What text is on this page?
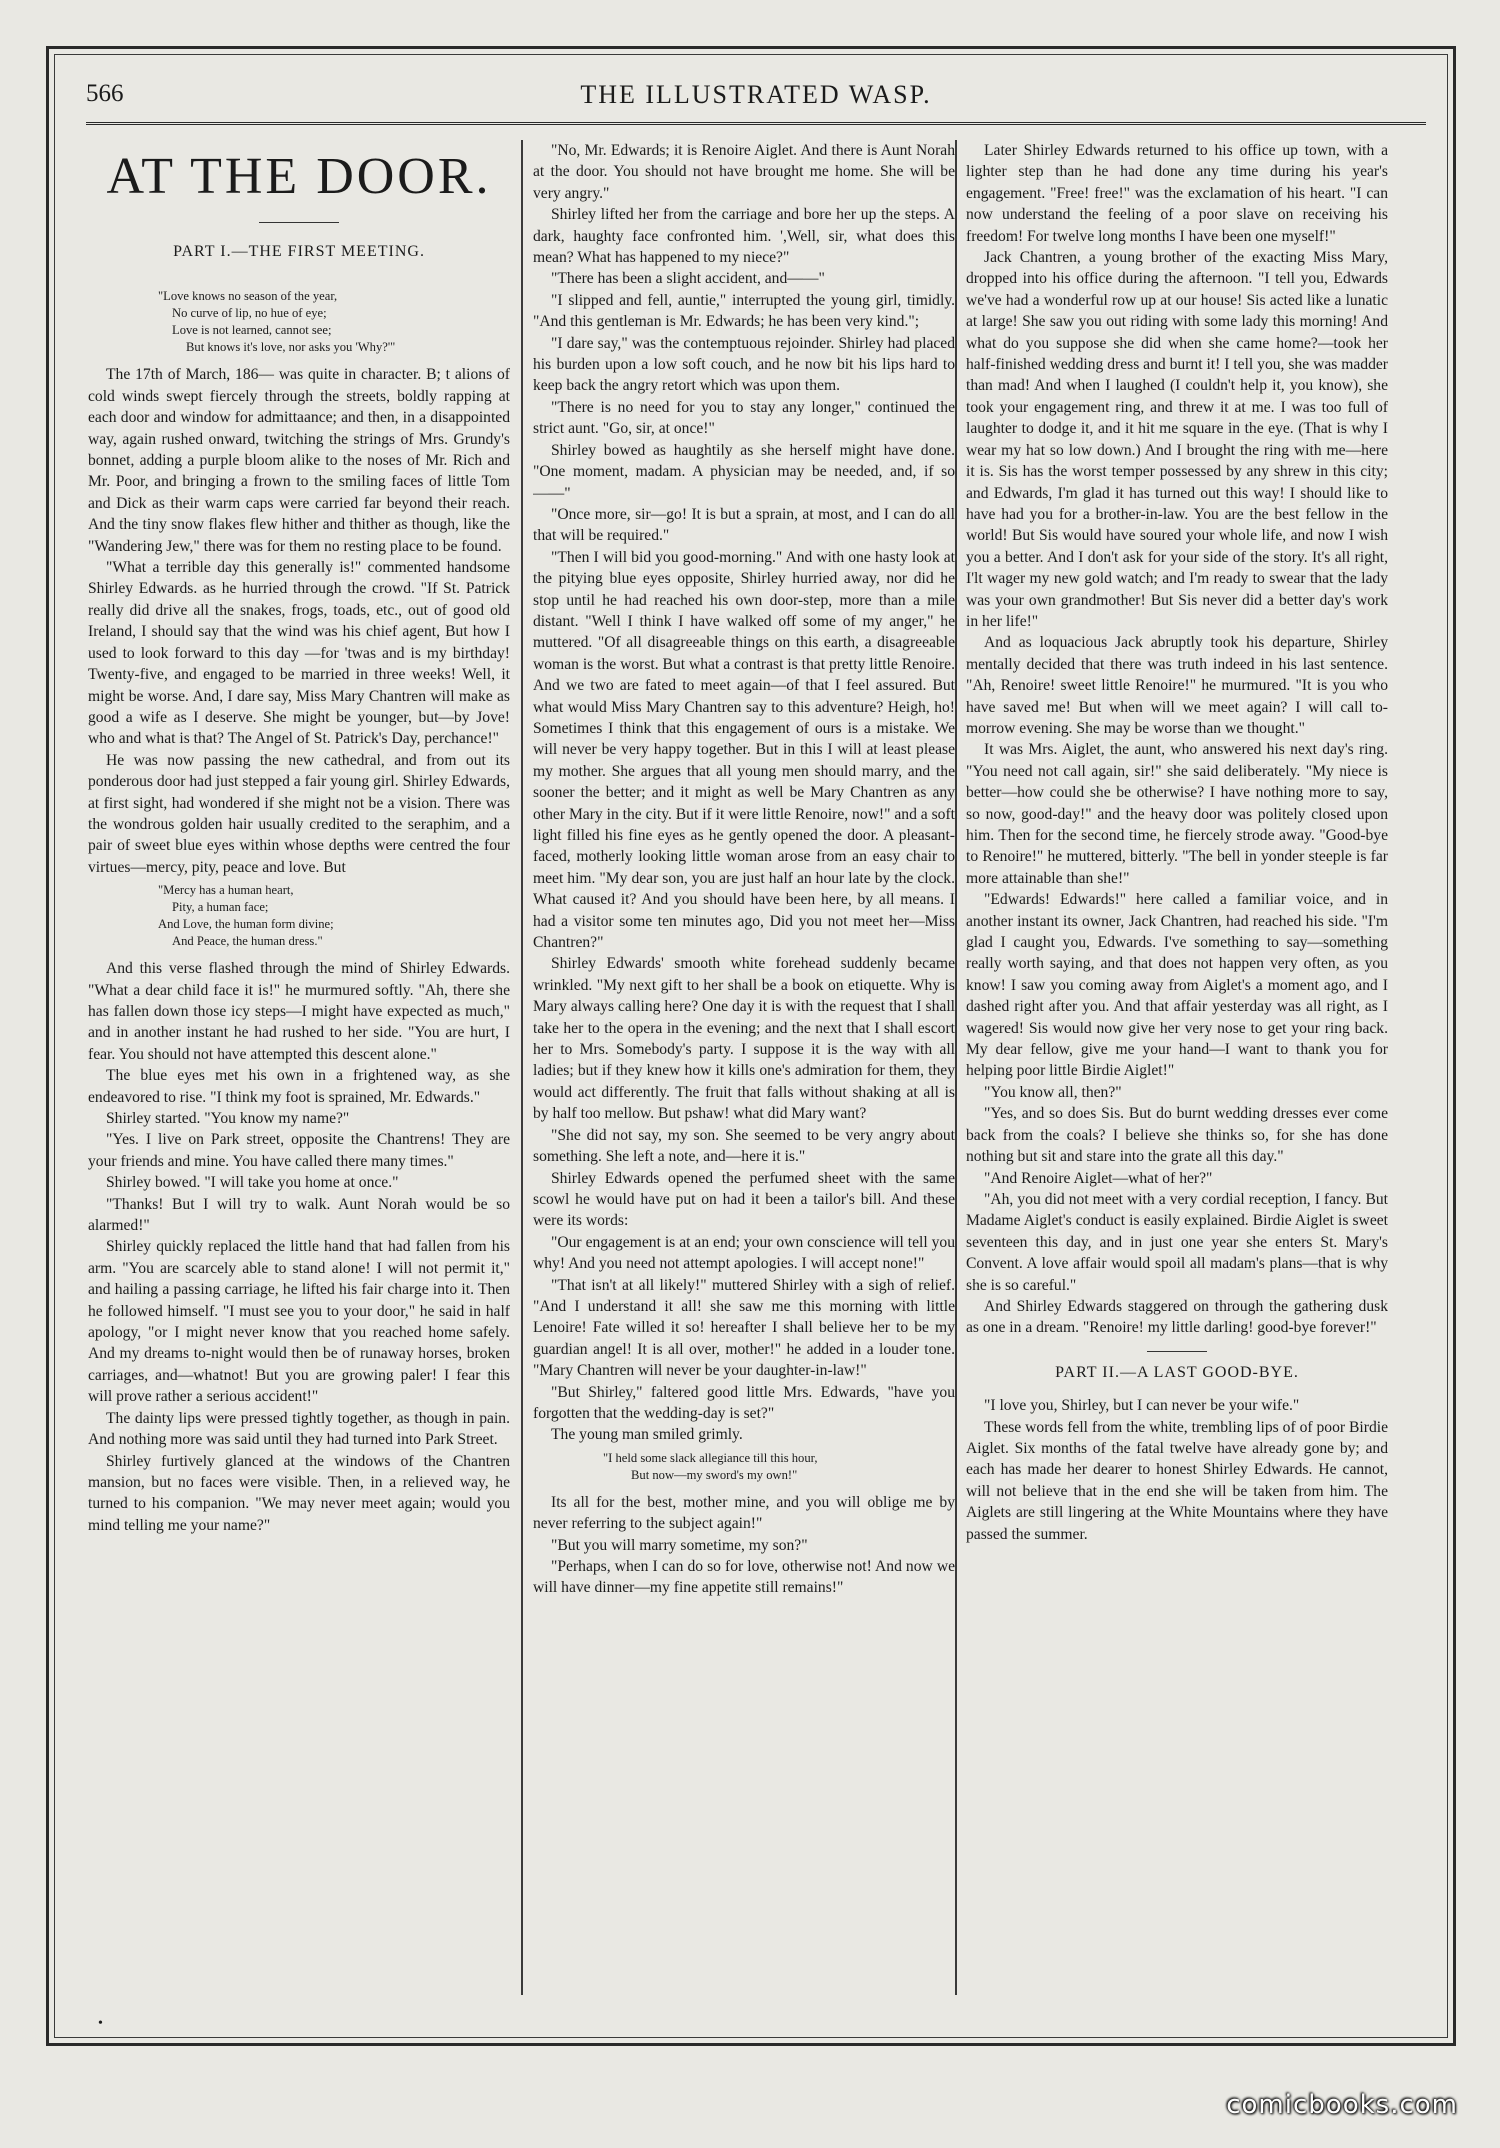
566	THE ILLUSTRATED WASP.
AT THE DOOR.
PART I.—THE FIRST MEETING.
"Love knows no season of the year,
No curve of lip, no hue of eye;
Love is not learned, cannot see;
But knows it's love, nor asks you 'Why?'"

The 17th of March, 186— was quite in character. B; t alions of cold winds swept fiercely through the streets, boldly rapping at each door and window for admittaance; and then, in a disappointed way, again rushed onward, twitching the strings of Mrs. Grundy's bonnet, adding a purple bloom alike to the noses of Mr. Rich and Mr. Poor, and bringing a frown to the smiling faces of little Tom and Dick as their warm caps were carried far beyond their reach. And the tiny snow flakes flew hither and thither as though, like the "Wandering Jew," there was for them no resting place to be found.

"What a terrible day this generally is!" commented handsome Shirley Edwards. as he hurried through the crowd. "If St. Patrick really did drive all the snakes, frogs, toads, etc., out of good old Ireland, I should say that the wind was his chief agent, But how I used to look forward to this day —for 'twas and is my birthday! Twenty-five, and engaged to be married in three weeks! Well, it might be worse. And, I dare say, Miss Mary Chantren will make as good a wife as I deserve. She might be younger, but—by Jove! who and what is that? The Angel of St. Patrick's Day, perchance!"

He was now passing the new cathedral, and from out its ponderous door had just stepped a fair young girl. Shirley Edwards, at first sight, had wondered if she might not be a vision. There was the wondrous golden hair usually credited to the seraphim, and a pair of sweet blue eyes within whose depths were centred the four virtues—mercy, pity, peace and love. But

"Mercy has a human heart,
Pity, a human face;
And Love, the human form divine;
And Peace, the human dress."

And this verse flashed through the mind of Shirley Edwards. "What a dear child face it is!" he murmured softly. "Ah, there she has fallen down those icy steps—I might have expected as much," and in another instant he had rushed to her side. "You are hurt, I fear. You should not have attempted this descent alone."

The blue eyes met his own in a frightened way, as she endeavored to rise. "I think my foot is sprained, Mr. Edwards."

Shirley started. "You know my name?"

"Yes. I live on Park street, opposite the Chantrens! They are your friends and mine. You have called there many times."

Shirley bowed. "I will take you home at once."

"Thanks! But I will try to walk. Aunt Norah would be so alarmed!"

Shirley quickly replaced the little hand that had fallen from his arm. "You are scarcely able to stand alone! I will not permit it," and hailing a passing carriage, he lifted his fair charge into it. Then he followed himself. "I must see you to your door," he said in half apology, "or I might never know that you reached home safely. And my dreams to-night would then be of runaway horses, broken carriages, and—whatnot! But you are growing paler! I fear this will prove rather a serious accident!"

The dainty lips were pressed tightly together, as though in pain. And nothing more was said until they had turned into Park Street.

Shirley furtively glanced at the windows of the Chantren mansion, but no faces were visible. Then, in a relieved way, he turned to his companion. "We may never meet again; would you mind telling me your name?"

"No, Mr. Edwards; it is Renoire Aiglet. And there is Aunt Norah at the door. You should not have brought me home. She will be very angry."

Shirley lifted her from the carriage and bore her up the steps. A dark, haughty face confronted him. ',Well, sir, what does this mean? What has happened to my niece?"

"There has been a slight accident, and——"

"I slipped and fell, auntie," interrupted the young girl, timidly. "And this gentleman is Mr. Edwards; he has been very kind.";

"I dare say," was the contemptuous rejoinder. Shirley had placed his burden upon a low soft couch, and he now bit his lips hard to keep back the angry retort which was upon them.

"There is no need for you to stay any longer," continued the strict aunt. "Go, sir, at once!"

Shirley bowed as haughtily as she herself might have done. "One moment, madam. A physician may be needed, and, if so——"

"Once more, sir—go! It is but a sprain, at most, and I can do all that will be required."

"Then I will bid you good-morning." And with one hasty look at the pitying blue eyes opposite, Shirley hurried away, nor did he stop until he had reached his own door-step, more than a mile distant. "Well I think I have walked off some of my anger," he muttered. "Of all disagreeable things on this earth, a disagreeable woman is the worst. But what a contrast is that pretty little Renoire. And we two are fated to meet again—of that I feel assured. But what would Miss Mary Chantren say to this adventure? Heigh, ho! Sometimes I think that this engagement of ours is a mistake. We will never be very happy together. But in this I will at least please my mother. She argues that all young men should marry, and the sooner the better; and it might as well be Mary Chantren as any other Mary in the city. But if it were little Renoire, now!" and a soft light filled his fine eyes as he gently opened the door. A pleasant-faced, motherly looking little woman arose from an easy chair to meet him. "My dear son, you are just half an hour late by the clock. What caused it? And you should have been here, by all means. I had a visitor some ten minutes ago, Did you not meet her—Miss Chantren?"

Shirley Edwards' smooth white forehead suddenly became wrinkled. "My next gift to her shall be a book on etiquette. Why is Mary always calling here? One day it is with the request that I shall take her to the opera in the evening; and the next that I shall escort her to Mrs. Somebody's party. I suppose it is the way with all ladies; but if they knew how it kills one's admiration for them, they would act differently. The fruit that falls without shaking at all is by half too mellow. But pshaw! what did Mary want?

"She did not say, my son. She seemed to be very angry about something. She left a note, and—here it is."

Shirley Edwards opened the perfumed sheet with the same scowl he would have put on had it been a tailor's bill. And these were its words:

"Our engagement is at an end; your own conscience will tell you why! And you need not attempt apologies. I will accept none!"

"That isn't at all likely!" muttered Shirley with a sigh of relief. "And I understand it all! she saw me this morning with little Lenoire! Fate willed it so! hereafter I shall believe her to be my guardian angel! It is all over, mother!" he added in a louder tone. "Mary Chantren will never be your daughter-in-law!"

"But Shirley," faltered good little Mrs. Edwards, "have you forgotten that the wedding-day is set?"

The young man smiled grimly.

"I held some slack allegiance till this hour,
But now—my sword's my own!"

Its all for the best, mother mine, and you will oblige me by never referring to the subject again!"

"But you will marry sometime, my son?"

"Perhaps, when I can do so for love, otherwise not! And now we will have dinner—my fine appetite still remains!"

Later Shirley Edwards returned to his office up town, with a lighter step than he had done any time during his year's engagement. "Free! free!" was the exclamation of his heart. "I can now understand the feeling of a poor slave on receiving his freedom! For twelve long months I have been one myself!"

Jack Chantren, a young brother of the exacting Miss Mary, dropped into his office during the afternoon. "I tell you, Edwards we've had a wonderful row up at our house! Sis acted like a lunatic at large! She saw you out riding with some lady this morning! And what do you suppose she did when she came home?—took her half-finished wedding dress and burnt it! I tell you, she was madder than mad! And when I laughed (I couldn't help it, you know), she took your engagement ring, and threw it at me. I was too full of laughter to dodge it, and it hit me square in the eye. (That is why I wear my hat so low down.) And I brought the ring with me—here it is. Sis has the worst temper possessed by any shrew in this city; and Edwards, I'm glad it has turned out this way! I should like to have had you for a brother-in-law. You are the best fellow in the world! But Sis would have soured your whole life, and now I wish you a better. And I don't ask for your side of the story. It's all right, I'lt wager my new gold watch; and I'm ready to swear that the lady was your own grandmother! But Sis never did a better day's work in her life!"

And as loquacious Jack abruptly took his departure, Shirley mentally decided that there was truth indeed in his last sentence. "Ah, Renoire! sweet little Renoire!" he murmured. "It is you who have saved me! But when will we meet again? I will call to-morrow evening. She may be worse than we thought."

It was Mrs. Aiglet, the aunt, who answered his next day's ring. "You need not call again, sir!" she said deliberately. "My niece is better—how could she be otherwise? I have nothing more to say, so now, good-day!" and the heavy door was politely closed upon him. Then for the second time, he fiercely strode away. "Good-bye to Renoire!" he muttered, bitterly. "The bell in yonder steeple is far more attainable than she!"

"Edwards! Edwards!" here called a familiar voice, and in another instant its owner, Jack Chantren, had reached his side. "I'm glad I caught you, Edwards. I've something to say—something really worth saying, and that does not happen very often, as you know! I saw you coming away from Aiglet's a moment ago, and I dashed right after you. And that affair yesterday was all right, as I wagered! Sis would now give her very nose to get your ring back. My dear fellow, give me your hand—I want to thank you for helping poor little Birdie Aiglet!"

"You know all, then?"

"Yes, and so does Sis. But do burnt wedding dresses ever come back from the coals? I believe she thinks so, for she has done nothing but sit and stare into the grate all this day."

"And Renoire Aiglet—what of her?"

"Ah, you did not meet with a very cordial reception, I fancy. But Madame Aiglet's conduct is easily explained. Birdie Aiglet is sweet seventeen this day, and in just one year she enters St. Mary's Convent. A love affair would spoil all madam's plans—that is why she is so careful."

And Shirley Edwards staggered on through the gathering dusk as one in a dream. "Renoire! my little darling! good-bye forever!"

PART II.—A LAST GOOD-BYE.

"I love you, Shirley, but I can never be your wife."

These words fell from the white, trembling lips of of poor Birdie Aiglet. Six months of the fatal twelve have already gone by; and each has made her dearer to honest Shirley Edwards. He cannot, will not believe that in the end she will be taken from him. The Aiglets are still lingering at the White Mountains where they have passed the summer.

•
comicbooks.com
